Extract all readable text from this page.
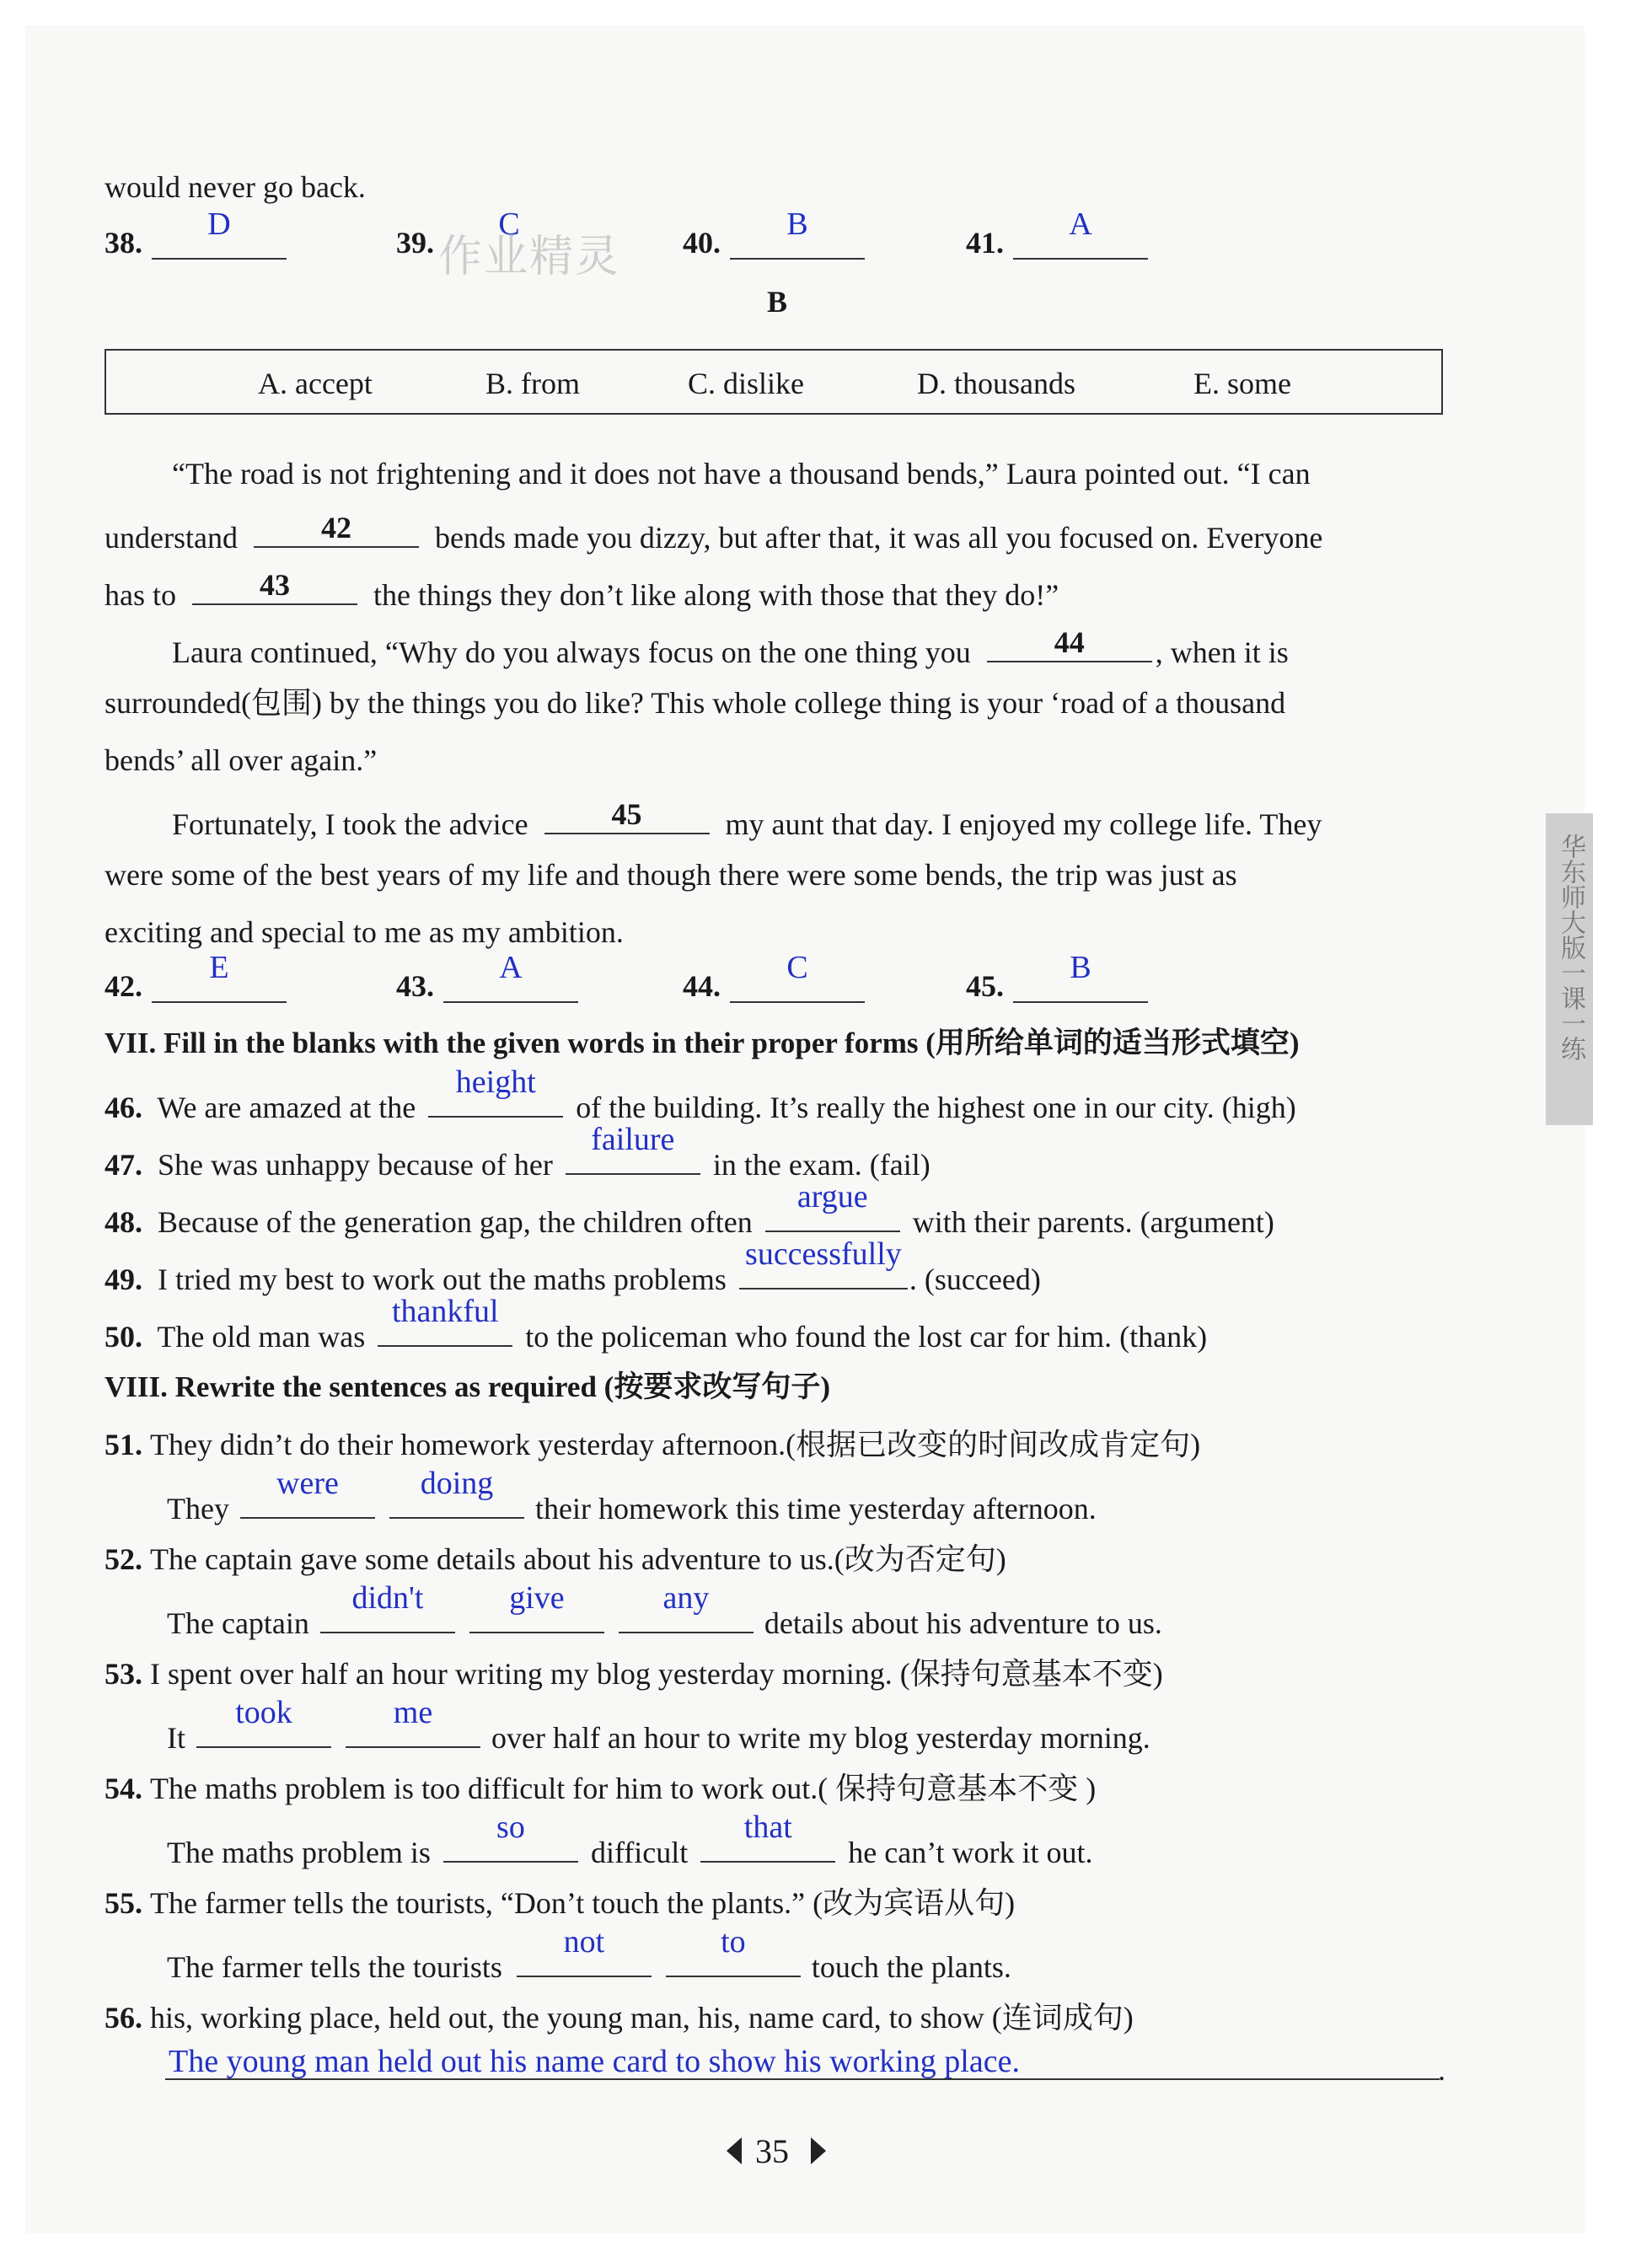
would never go back.
38.
D
39.
C
作业精灵 40.
B
41.
A
B
A. accept	B. from	C. dislike	D. thousands	E. some
“The road is not frightening and it does not have a thousand bends,” Laura pointed out. “I can
understand	42	bends made you dizzy, but after that, it was all you focused on. Everyone
has to	43	the things they don’t like along with those that they do!”
Laura continued, “Why do you always focus on the one thing you	44	, when it is
surrounded(包围) by the things you do like? This whole college thing is your ‘road of a thousand
bends’ all over again.”
Fortunately, I took the advice	45	my aunt that day. I enjoyed my college life. They
were some of the best years of my life and though there were some bends, the trip was just as
exciting and special to me as my ambition.
42.
E
43.
A
44.
C
45.
B
VII. Fill in the blanks with the given words in their proper forms (用所给单词的适当形式填空)
46. We are amazed at the
height
of the building. It’s really the highest one in our city. (high)
47. She was unhappy because of her
failure
in the exam. (fail)
48. Because of the generation gap, the children often
argue
with their parents. (argument)
49. I tried my best to work out the maths problems
successfully
. (succeed)
50. The old man was
thankful
to the policeman who found the lost car for him. (thank)
VIII. Rewrite the sentences as required (按要求改写句子)
51. They didn’t do their homework yesterday afternoon.(根据已改变的时间改成肯定句)
They
were
	doing
their homework this time yesterday afternoon.
52. The captain gave some details about his adventure to us.(改为否定句)
The captain
didn't
	give
	any
details about his adventure to us.
53. I spent over half an hour writing my blog yesterday morning. (保持句意基本不变)
It
took
	me
over half an hour to write my blog yesterday morning.
54. The maths problem is too difficult for him to work out.( 保持句意基本不变 )
The maths problem is
so
difficult
that
he can’t work it out.
55. The farmer tells the tourists, “Don’t touch the plants.” (改为宾语从句)
The farmer tells the tourists
not
	to
touch the plants.
56. his, working place, held out, the young man, his, name card, to show (连词成句)
The young man held out his name card to show his working place.	.
华东师大版一课一练
35
